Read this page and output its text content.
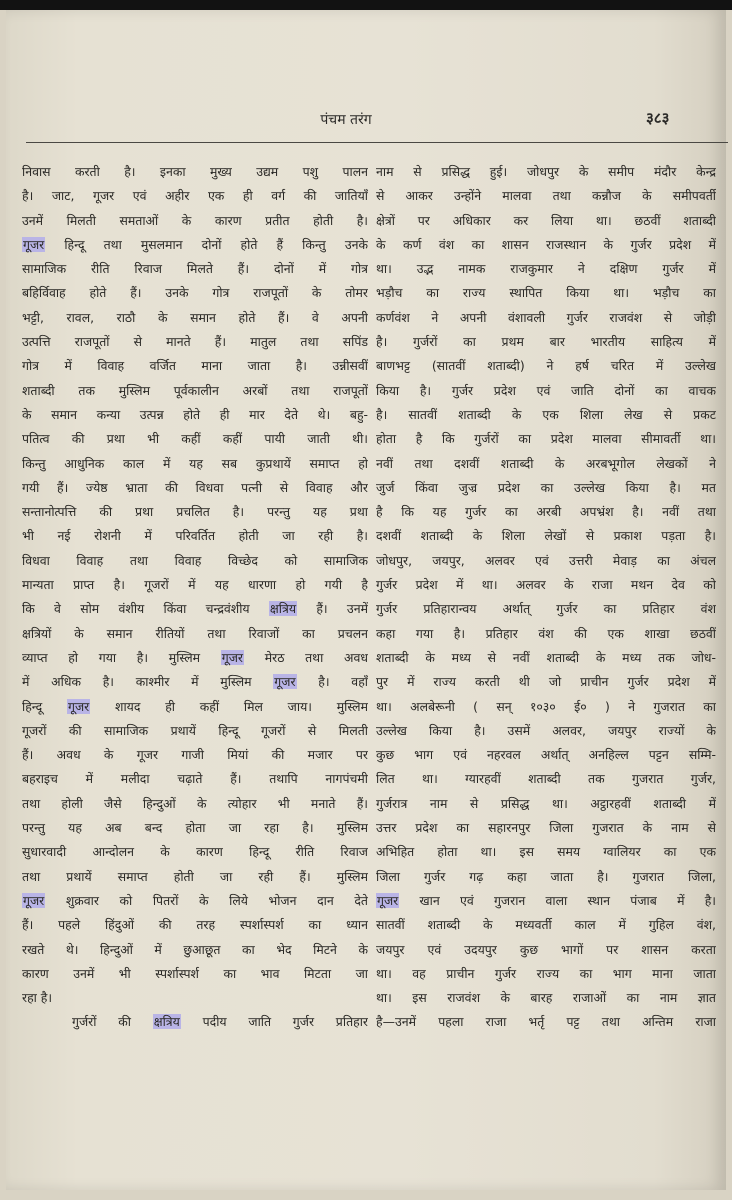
पंचम तरंग	३८३
निवास करती है। इनका मुख्य उद्यम पशु पालन
है। जाट, गूजर एवं अहीर एक ही वर्ग की जातियाँ
उनमें मिलती समताओं के कारण प्रतीत होती है।
गूजर हिन्दू तथा मुसलमान दोनों होते हैं किन्तु उनके
सामाजिक रीति रिवाज मिलते हैं। दोनों में गोत्र
बहिर्विवाह होते हैं। उनके गोत्र राजपूतों के तोमर
भट्टी, रावल, राठौ के समान होते हैं। वे अपनी
उत्पत्ति राजपूतों से मानते हैं। मातुल तथा सपिंड
गोत्र में विवाह वर्जित माना जाता है। उन्नीसवीं
शताब्दी तक मुस्लिम पूर्वकालीन अरबों तथा राजपूतों
के समान कन्या उत्पन्न होते ही मार देते थे। बहु-
पतित्व की प्रथा भी कहीं कहीं पायी जाती थी।
किन्तु आधुनिक काल में यह सब कुप्रथायें समाप्त हो
गयी हैं। ज्येष्ठ भ्राता की विधवा पत्नी से विवाह और
सन्तानोत्पत्ति की प्रथा प्रचलित है। परन्तु यह प्रथा
भी नई रोशनी में परिवर्तित होती जा रही है।
विधवा विवाह तथा विवाह विच्छेद को सामाजिक
मान्यता प्राप्त है। गूजरों में यह धारणा हो गयी है
कि वे सोम वंशीय किंवा चन्द्रवंशीय क्षत्रिय हैं। उनमें
क्षत्रियों के समान रीतियों तथा रिवाजों का प्रचलन
व्याप्त हो गया है। मुस्लिम गूजर मेरठ तथा अवध
में अधिक है। काश्मीर में मुस्लिम गूजर है। वहाँ
हिन्दू गूजर शायद ही कहीं मिल जाय। मुस्लिम
गूजरों की सामाजिक प्रथायें हिन्दू गूजरों से मिलती
हैं। अवध के गूजर गाजी मियां की मजार पर
बहराइच में मलीदा चढ़ाते हैं। तथापि नागपंचमी
तथा होली जैसे हिन्दुओं के त्योहार भी मनाते हैं।
परन्तु यह अब बन्द होता जा रहा है। मुस्लिम
सुधारवादी आन्दोलन के कारण हिन्दू रीति रिवाज
तथा प्रथायें समाप्त होती जा रही हैं। मुस्लिम
गूजर शुक्रवार को पितरों के लिये भोजन दान देते
हैं। पहले हिंदुओं की तरह स्पर्शास्पर्श का ध्यान
रखते थे। हिन्दुओं में छुआछूत का भेद मिटने के
कारण उनमें भी स्पर्शास्पर्श का भाव मिटता जा
रहा है।
गुर्जरों की क्षत्रिय पदीय जाति गुर्जर प्रतिहार
नाम से प्रसिद्ध हुई। जोधपुर के समीप मंदौर केन्द्र
से आकर उन्होंने मालवा तथा कन्नौज के समीपवर्ती
क्षेत्रों पर अधिकार कर लिया था। छठवीं शताब्दी
के कर्ण वंश का शासन राजस्थान के गुर्जर प्रदेश में
था। उद्भ नामक राजकुमार ने दक्षिण गुर्जर में
भड़ौच का राज्य स्थापित किया था। भड़ौच का
कर्णवंश ने अपनी वंशावली गुर्जर राजवंश से जोड़ी
है। गुर्जरों का प्रथम बार भारतीय साहित्य में
बाणभट्ट (सातवीं शताब्दी) ने हर्ष चरित में उल्लेख
किया है। गुर्जर प्रदेश एवं जाति दोनों का वाचक
है। सातवीं शताब्दी के एक शिला लेख से प्रकट
होता है कि गुर्जरों का प्रदेश मालवा सीमावर्ती था।
नवीं तथा दशवीं शताब्दी के अरबभूगोल लेखकों ने
जुर्ज किंवा जुज्र प्रदेश का उल्लेख किया है। मत
है कि यह गुर्जर का अरबी अपभ्रंश है। नवीं तथा
दशवीं शताब्दी के शिला लेखों से प्रकाश पड़ता है।
जोधपुर, जयपुर, अलवर एवं उत्तरी मेवाड़ का अंचल
गुर्जर प्रदेश में था। अलवर के राजा मथन देव को
गुर्जर प्रतिहारान्वय अर्थात् गुर्जर का प्रतिहार वंश
कहा गया है। प्रतिहार वंश की एक शाखा छठवीं
शताब्दी के मध्य से नवीं शताब्दी के मध्य तक जोध-
पुर में राज्य करती थी जो प्राचीन गुर्जर प्रदेश में
था। अलबेरूनी ( सन् १०३० ई० ) ने गुजरात का
उल्लेख किया है। उसमें अलवर, जयपुर राज्यों के
कुछ भाग एवं नहरवल अर्थात् अनहिल्ल पट्टन सम्मि-
लित था। ग्यारहवीं शताब्दी तक गुजरात गुर्जर,
गुर्जरात्र नाम से प्रसिद्ध था। अट्ठारहवीं शताब्दी में
उत्तर प्रदेश का सहारनपुर जिला गुजरात के नाम से
अभिहित होता था। इस समय ग्वालियर का एक
जिला गुर्जर गढ़ कहा जाता है। गुजरात जिला,
गूजर खान एवं गुजरान वाला स्थान पंजाब में है।
सातवीं शताब्दी के मध्यवर्ती काल में गुहिल वंश,
जयपुर एवं उदयपुर कुछ भागों पर शासन करता
था। वह प्राचीन गुर्जर राज्य का भाग माना जाता
था। इस राजवंश के बारह राजाओं का नाम ज्ञात
है—उनमें पहला राजा भर्तृ पट्ट तथा अन्तिम राजा
